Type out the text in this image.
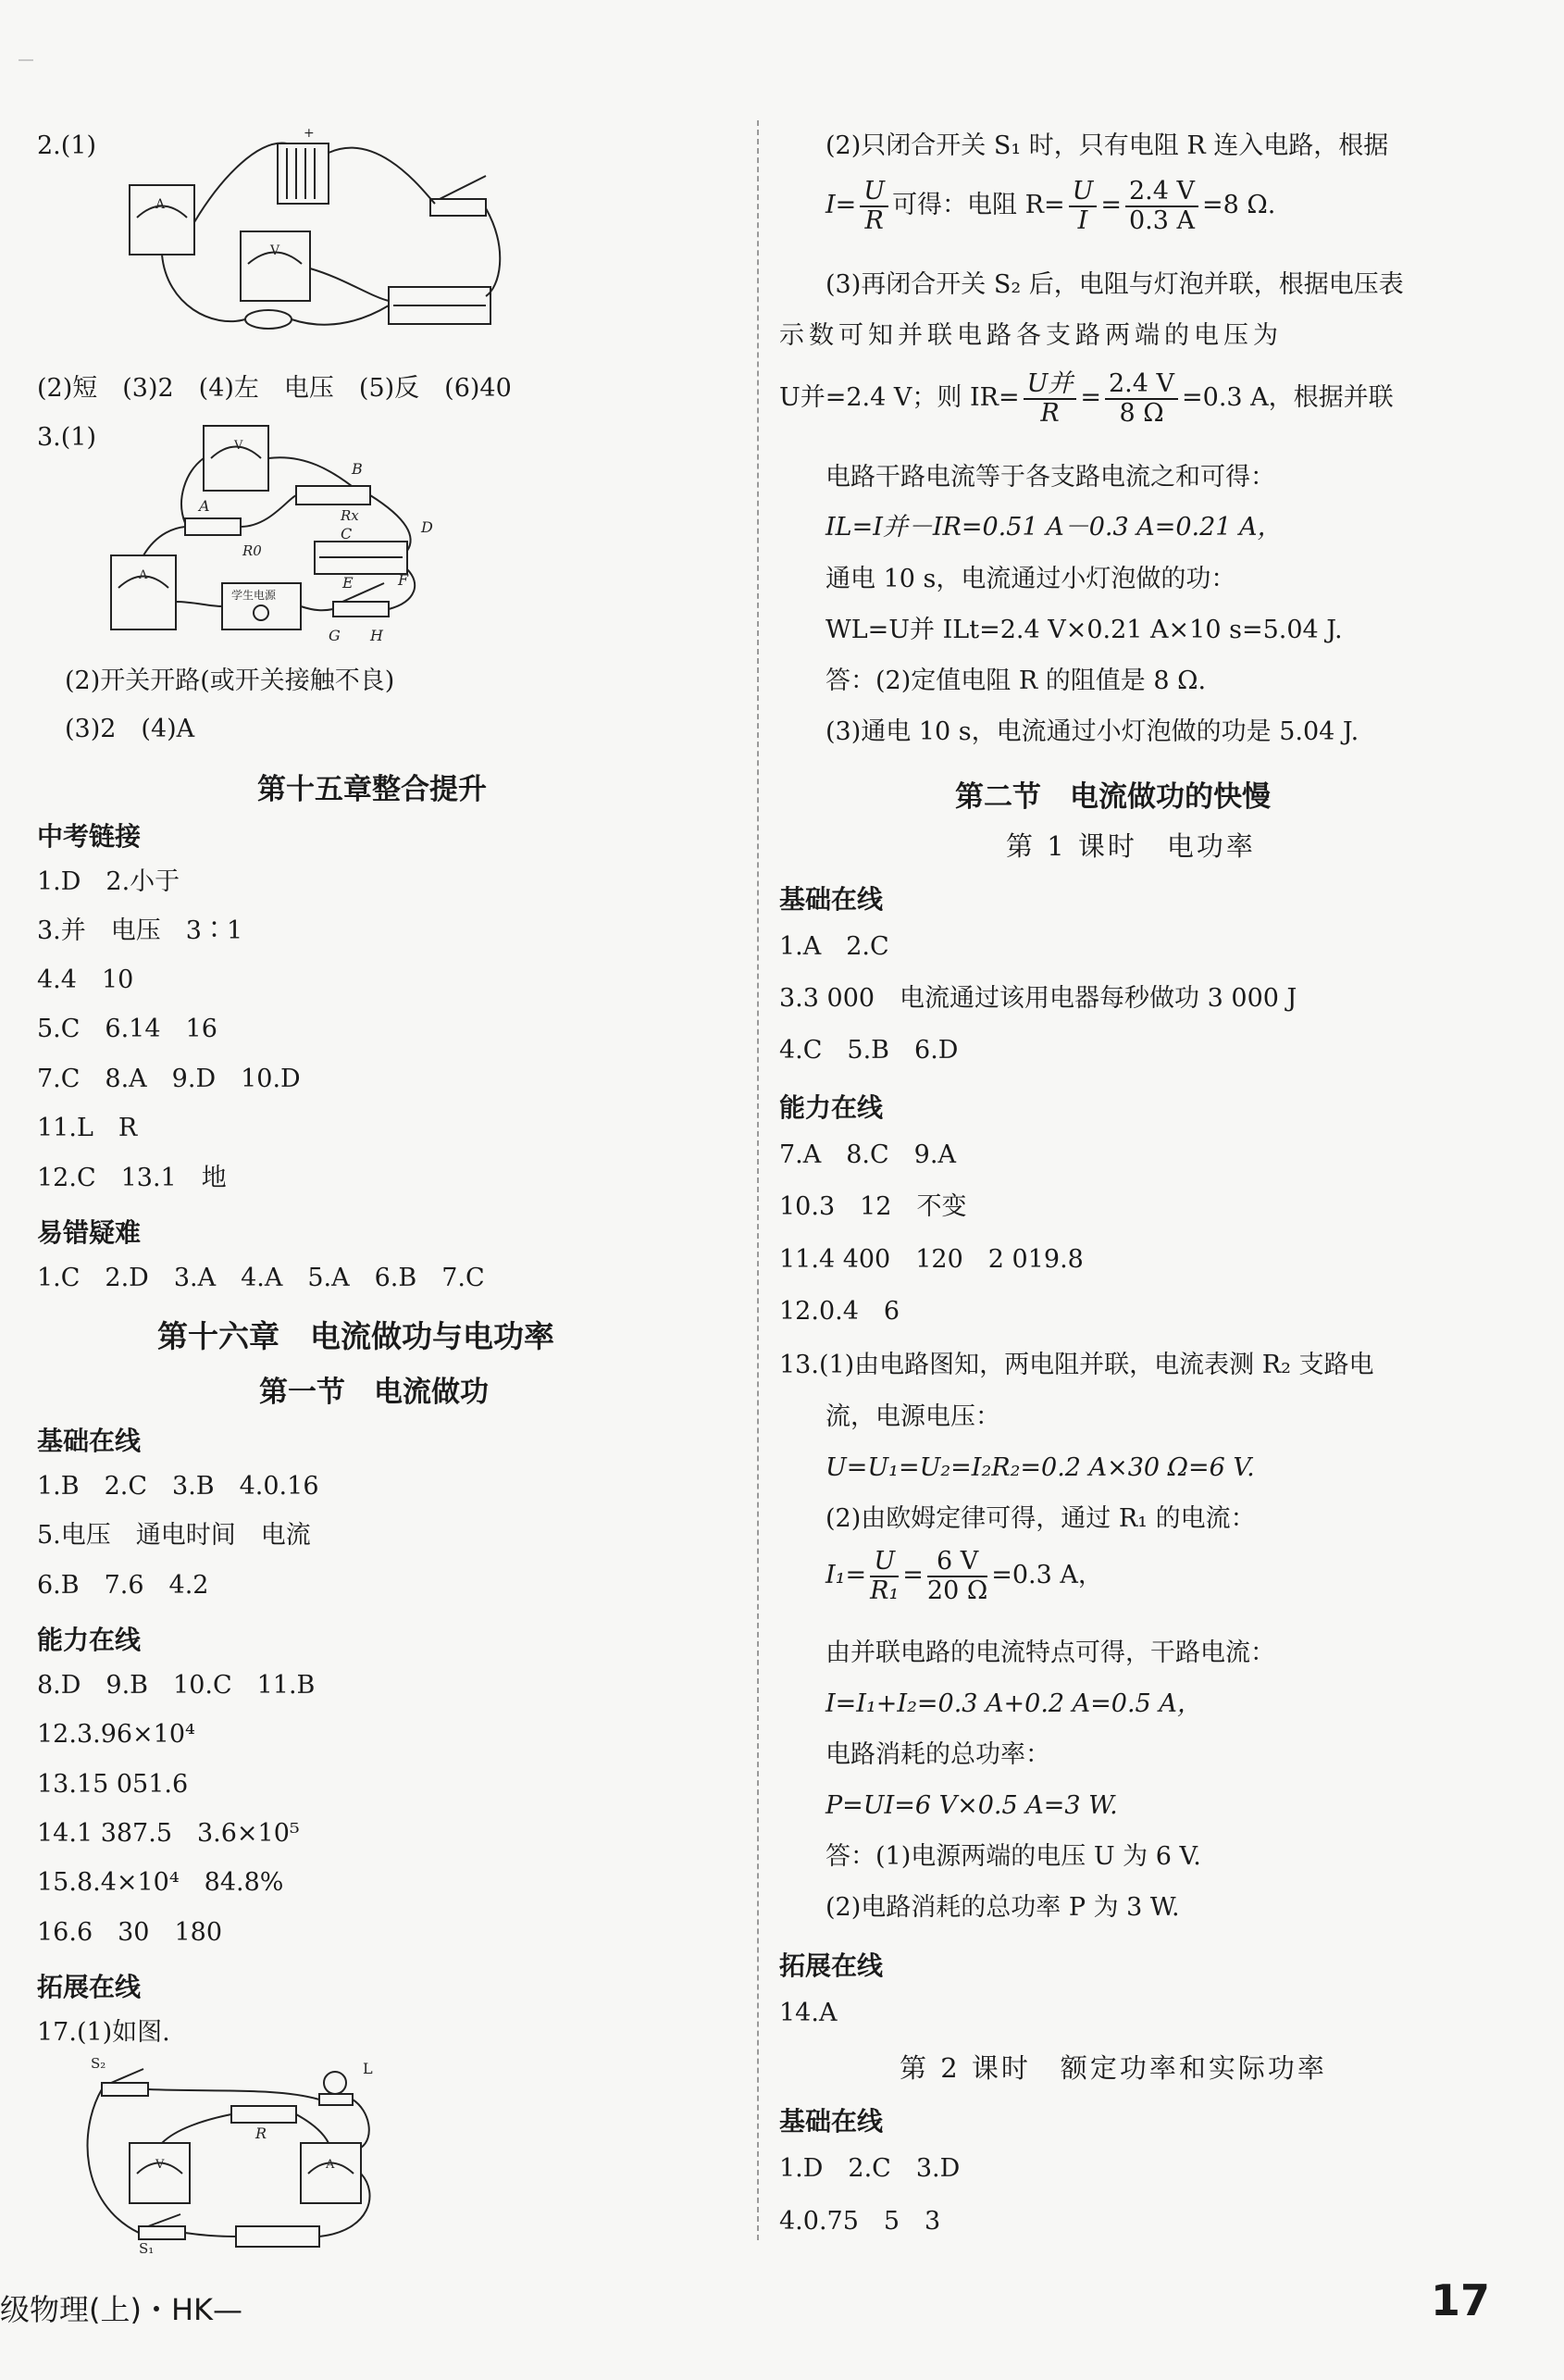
2.(1)
A
V
+
(2)短　(3)2　(4)左　电压　(5)反　(6)40
3.(1)	V
A
B
A
Rx
C	D
R0
E	F
G H
学生电源
(2)开关开路(或开关接触不良)
(3)2　(4)A
第十五章整合提升
中考链接
1.D　2.小于
3.并　电压　3∶1
4.4　10
5.C　6.14　16
7.C　8.A　9.D　10.D
11.L　R
12.C　13.1　地
易错疑难
1.C　2.D　3.A　4.A　5.A　6.B　7.C
第十六章　电流做功与电功率
第一节　电流做功
基础在线
1.B　2.C　3.B　4.0.16
5.电压　通电时间　电流
6.B　7.6　4.2
能力在线
8.D　9.B　10.C　11.B
12.3.96×10⁴
13.15 051.6
14.1 387.5　3.6×10⁵
15.8.4×10⁴　84.8%
16.6　30　180
拓展在线
17.(1)如图.
V	A
S₂	L
R
S₁
(2)只闭合开关 S₁ 时，只有电阻 R 连入电路，根据
$I= \frac{U}{R}$ 可得：电阻 $R= \frac{U}{I} = \frac{2.4 V}{0.3 A} =8$ Ω.
(3)再闭合开关 S₂ 后，电阻与灯泡并联，根据电压表
示数可知并联电路各支路两端的电压为
U并=2.4 V；则 $IR= \frac{\text{U并}}{R} = \frac{2.4 V}{8 \Omega} =0.3$ A，根据并联
电路干路电流等于各支路电流之和可得：
IL=I并－IR=0.51 A－0.3 A=0.21 A，
通电 10 s，电流通过小灯泡做的功：
WL=U并 ILt=2.4 V×0.21 A×10 s=5.04 J.
答：(2)定值电阻 R 的阻值是 8 Ω.
(3)通电 10 s，电流通过小灯泡做的功是 5.04 J.
第二节　电流做功的快慢
第 1 课时　电功率
基础在线
1.A　2.C
3.3 000　电流通过该用电器每秒做功 3 000 J
4.C　5.B　6.D
能力在线
7.A　8.C　9.A
10.3　12　不变
11.4 400　120　2 019.8
12.0.4　6
13.(1)由电路图知，两电阻并联，电流表测 R₂ 支路电
流，电源电压：
U=U₁=U₂=I₂R₂=0.2 A×30 Ω=6 V.
(2)由欧姆定律可得，通过 R₁ 的电流：
$I_1= \frac{U}{\text{R₁}} = \frac{6 V}{20 \Omega} =0.3$ A，
由并联电路的电流特点可得，干路电流：
I=I₁+I₂=0.3 A+0.2 A=0.5 A，
电路消耗的总功率：
P=UI=6 V×0.5 A=3 W.
答：(1)电源两端的电压 U 为 6 V.
(2)电路消耗的总功率 P 为 3 W.
拓展在线
14.A
第 2 课时　额定功率和实际功率
基础在线
1.D　2.C　3.D
4.0.75　5　3
级物理(上)・HK—	17
